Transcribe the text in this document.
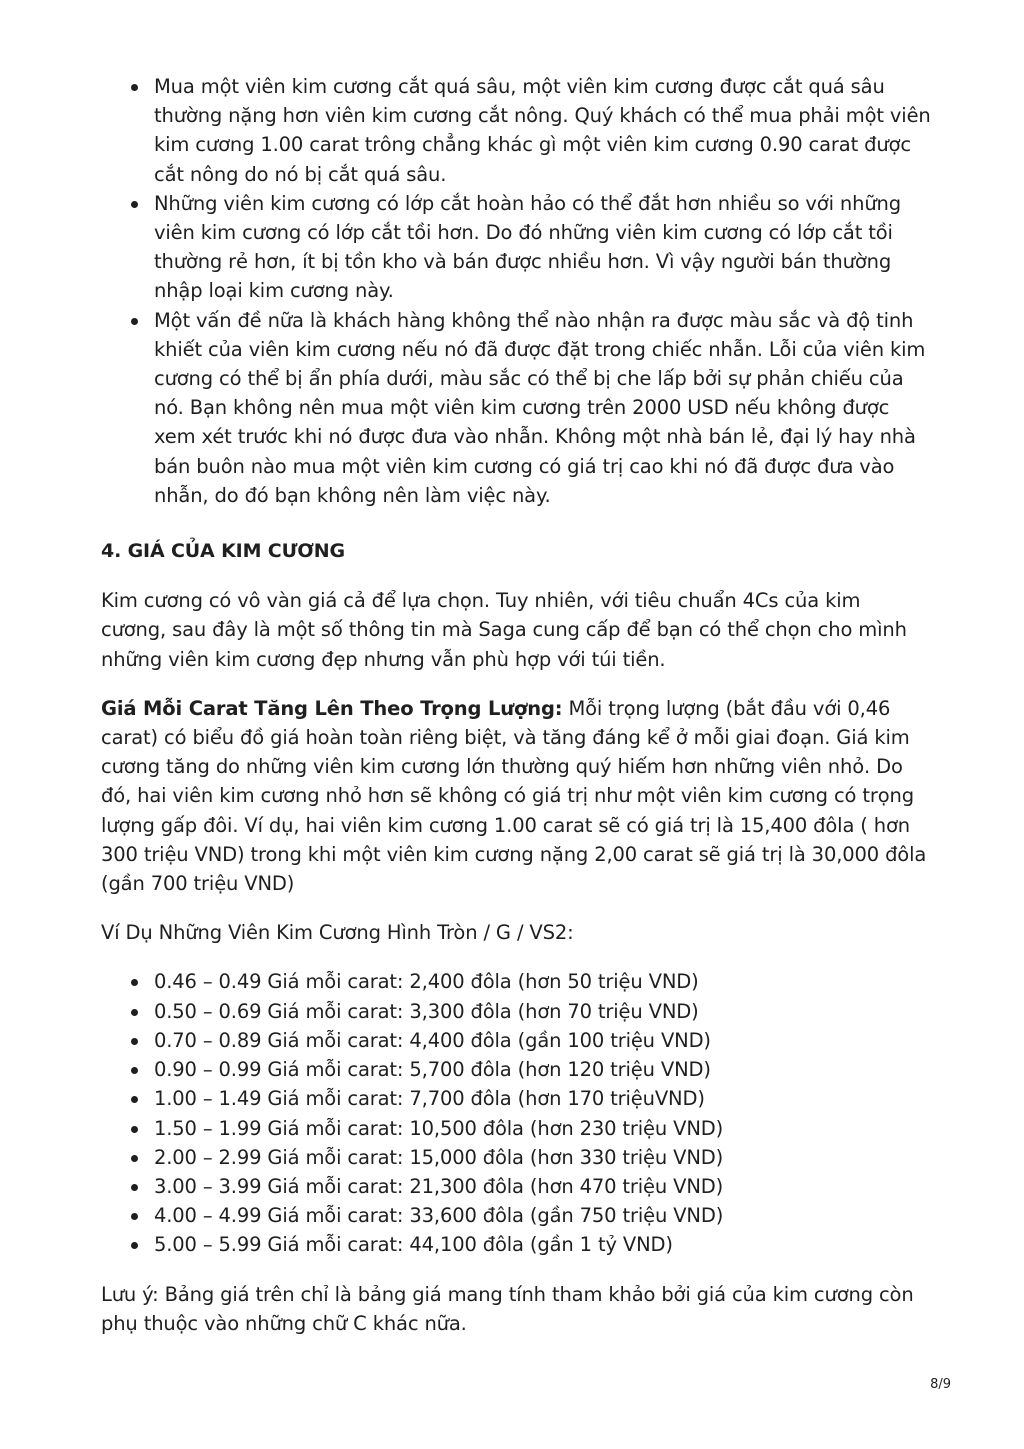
Mua một viên kim cương cắt quá sâu, một viên kim cương được cắt quá sâu thường nặng hơn viên kim cương cắt nông. Quý khách có thể mua phải một viên kim cương 1.00 carat trông chẳng khác gì một viên kim cương 0.90 carat được cắt nông do nó bị cắt quá sâu.
Những viên kim cương có lớp cắt hoàn hảo có thể đắt hơn nhiều so với những viên kim cương có lớp cắt tồi hơn. Do đó những viên kim cương có lớp cắt tồi thường rẻ hơn, ít bị tồn kho và bán được nhiều hơn. Vì vậy người bán thường nhập loại kim cương này.
Một vấn đề nữa là khách hàng không thể nào nhận ra được màu sắc và độ tinh khiết của viên kim cương nếu nó đã được đặt trong chiếc nhẫn. Lỗi của viên kim cương có thể bị ẩn phía dưới, màu sắc có thể bị che lấp bởi sự phản chiếu của nó. Bạn không nên mua một viên kim cương trên 2000 USD nếu không được xem xét trước khi nó được đưa vào nhẫn. Không một nhà bán lẻ, đại lý hay nhà bán buôn nào mua một viên kim cương có giá trị cao khi nó đã được đưa vào nhẫn, do đó bạn không nên làm việc này.

4. GIÁ CỦA KIM CƯƠNG

Kim cương có vô vàn giá cả để lựa chọn. Tuy nhiên, với tiêu chuẩn 4Cs của kim cương, sau đây là một số thông tin mà Saga cung cấp để bạn có thể chọn cho mình những viên kim cương đẹp nhưng vẫn phù hợp với túi tiền.

Giá Mỗi Carat Tăng Lên Theo Trọng Lượng: Mỗi trọng lượng (bắt đầu với 0,46 carat) có biểu đồ giá hoàn toàn riêng biệt, và tăng đáng kể ở mỗi giai đoạn. Giá kim cương tăng do những viên kim cương lớn thường quý hiếm hơn những viên nhỏ. Do đó, hai viên kim cương nhỏ hơn sẽ không có giá trị như một viên kim cương có trọng lượng gấp đôi. Ví dụ, hai viên kim cương 1.00 carat sẽ có giá trị là 15,400 đôla ( hơn 300 triệu VND) trong khi một viên kim cương nặng 2,00 carat sẽ giá trị là 30,000 đôla (gần 700 triệu VND)

Ví Dụ Những Viên Kim Cương Hình Tròn / G / VS2:

0.46 – 0.49 Giá mỗi carat: 2,400 đôla (hơn 50 triệu VND)
0.50 – 0.69 Giá mỗi carat: 3,300 đôla (hơn 70 triệu VND)
0.70 – 0.89 Giá mỗi carat: 4,400 đôla (gần 100 triệu VND)
0.90 – 0.99 Giá mỗi carat: 5,700 đôla (hơn 120 triệu VND)
1.00 – 1.49 Giá mỗi carat: 7,700 đôla (hơn 170 triệuVND)
1.50 – 1.99 Giá mỗi carat: 10,500 đôla (hơn 230 triệu VND)
2.00 – 2.99 Giá mỗi carat: 15,000 đôla (hơn 330 triệu VND)
3.00 – 3.99 Giá mỗi carat: 21,300 đôla (hơn 470 triệu VND)
4.00 – 4.99 Giá mỗi carat: 33,600 đôla (gần 750 triệu VND)
5.00 – 5.99 Giá mỗi carat: 44,100 đôla (gần 1 tỷ VND)

Lưu ý: Bảng giá trên chỉ là bảng giá mang tính tham khảo bởi giá của kim cương còn phụ thuộc vào những chữ C khác nữa.

8/9
